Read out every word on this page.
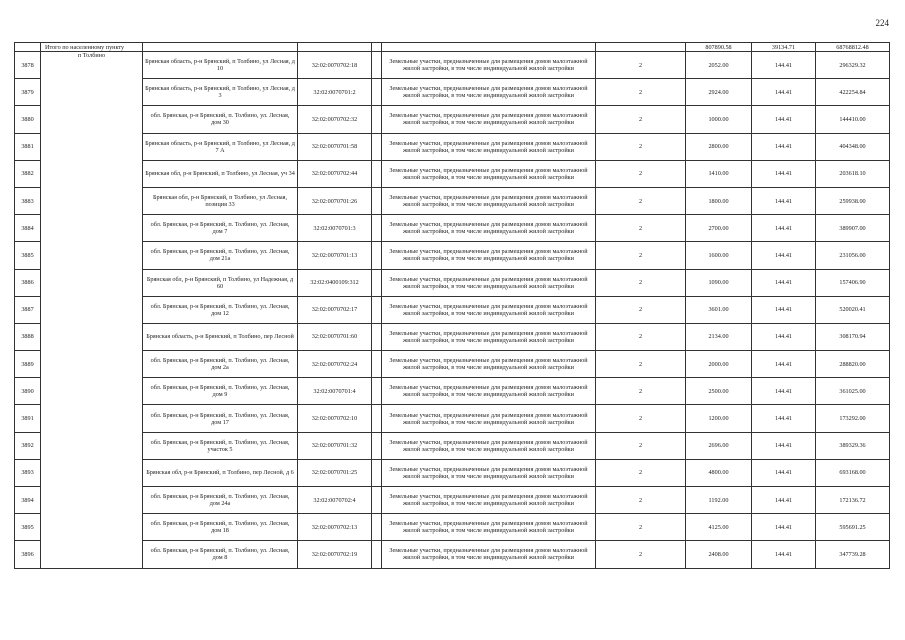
224
	Итого по населенному пункту						807890.58	39134.71	68768812.48
3878	п Толбино	Брянская область, р-н Брянский, п Толбино, ул Лесная, д 10	32:02:0070702:18		Земельные участки, предназначенные для размещения домов малоэтажной жилой застройки, в том числе индивидуальной жилой застройки	2	2052.00	144.41	296329.32
3879		Брянская область, р-н Брянский, п Толбино, ул Лесная, д 3	32:02:0070701:2		Земельные участки, предназначенные для размещения домов малоэтажной жилой застройки, в том числе индивидуальной жилой застройки	2	2924.00	144.41	422254.84
3880		обл. Брянская, р-н Брянский, п. Толбино, ул. Лесная, дом 30	32:02:0070702:32		Земельные участки, предназначенные для размещения домов малоэтажной жилой застройки, в том числе индивидуальной жилой застройки	2	1000.00	144.41	144410.00
3881		Брянская область, р-н Брянский, п Толбино, ул Лесная, д 7 А	32:02:0070701:58		Земельные участки, предназначенные для размещения домов малоэтажной жилой застройки, в том числе индивидуальной жилой застройки	2	2800.00	144.41	404348.00
3882		Брянская обл, р-н Брянский, п Толбино, ул Лесная, уч 34	32:02:0070702:44		Земельные участки, предназначенные для размещения домов малоэтажной жилой застройки, в том числе индивидуальной жилой застройки	2	1410.00	144.41	203618.10
3883		Брянская обл, р-н Брянский, п Толбино, ул Лесная, позиция 33	32:02:0070701:26		Земельные участки, предназначенные для размещения домов малоэтажной жилой застройки, в том числе индивидуальной жилой застройки	2	1800.00	144.41	259938.00
3884		обл. Брянская, р-н Брянский, п. Толбино, ул. Лесная, дом 7	32:02:0070701:3		Земельные участки, предназначенные для размещения домов малоэтажной жилой застройки, в том числе индивидуальной жилой застройки	2	2700.00	144.41	389907.00
3885		обл. Брянская, р-н Брянский, п. Толбино, ул. Лесная, дом 21а	32:02:0070701:13		Земельные участки, предназначенные для размещения домов малоэтажной жилой застройки, в том числе индивидуальной жилой застройки	2	1600.00	144.41	231056.00
3886		Брянская обл, р-н Брянский, п Толбино, ул Надежная, д 60	32:02:0400109:312		Земельные участки, предназначенные для размещения домов малоэтажной жилой застройки, в том числе индивидуальной жилой застройки	2	1090.00	144.41	157406.90
3887		обл. Брянская, р-н Брянский, п. Толбино, ул. Лесная, дом 12	32:02:0070702:17		Земельные участки, предназначенные для размещения домов малоэтажной жилой застройки, в том числе индивидуальной жилой застройки	2	3601.00	144.41	520020.41
3888		Брянская область, р-н Брянский, п Толбино, пер Лесной	32:02:0070701:60		Земельные участки, предназначенные для размещения домов малоэтажной жилой застройки, в том числе индивидуальной жилой застройки	2	2134.00	144.41	308170.94
3889		обл. Брянская, р-н Брянский, п. Толбино, ул. Лесная, дом 2а	32:02:0070702:24		Земельные участки, предназначенные для размещения домов малоэтажной жилой застройки, в том числе индивидуальной жилой застройки	2	2000.00	144.41	288820.00
3890		обл. Брянская, р-н Брянский, п. Толбино, ул. Лесная, дом 9	32:02:0070701:4		Земельные участки, предназначенные для размещения домов малоэтажной жилой застройки, в том числе индивидуальной жилой застройки	2	2500.00	144.41	361025.00
3891		обл. Брянская, р-н Брянский, п. Толбино, ул. Лесная, дом 17	32:02:0070702:10		Земельные участки, предназначенные для размещения домов малоэтажной жилой застройки, в том числе индивидуальной жилой застройки	2	1200.00	144.41	173292.00
3892		обл. Брянская, р-н Брянский, п. Толбино, ул. Лесная, участок 5	32:02:0070701:32		Земельные участки, предназначенные для размещения домов малоэтажной жилой застройки, в том числе индивидуальной жилой застройки	2	2696.00	144.41	389329.36
3893		Брянская обл, р-н Брянский, п Толбино, пер Лесной, д 6	32:02:0070701:25		Земельные участки, предназначенные для размещения домов малоэтажной жилой застройки, в том числе индивидуальной жилой застройки	2	4800.00	144.41	693168.00
3894		обл. Брянская, р-н Брянский, п. Толбино, ул. Лесная, дом 24а	32:02:0070702:4		Земельные участки, предназначенные для размещения домов малоэтажной жилой застройки, в том числе индивидуальной жилой застройки	2	1192.00	144.41	172136.72
3895		обл. Брянская, р-н Брянский, п. Толбино, ул. Лесная, дом 18	32:02:0070702:13		Земельные участки, предназначенные для размещения домов малоэтажной жилой застройки, в том числе индивидуальной жилой застройки	2	4125.00	144.41	595691.25
3896		обл. Брянская, р-н Брянский, п. Толбино, ул. Лесная, дом 8	32:02:0070702:19		Земельные участки, предназначенные для размещения домов малоэтажной жилой застройки, в том числе индивидуальной жилой застройки	2	2408.00	144.41	347739.28
